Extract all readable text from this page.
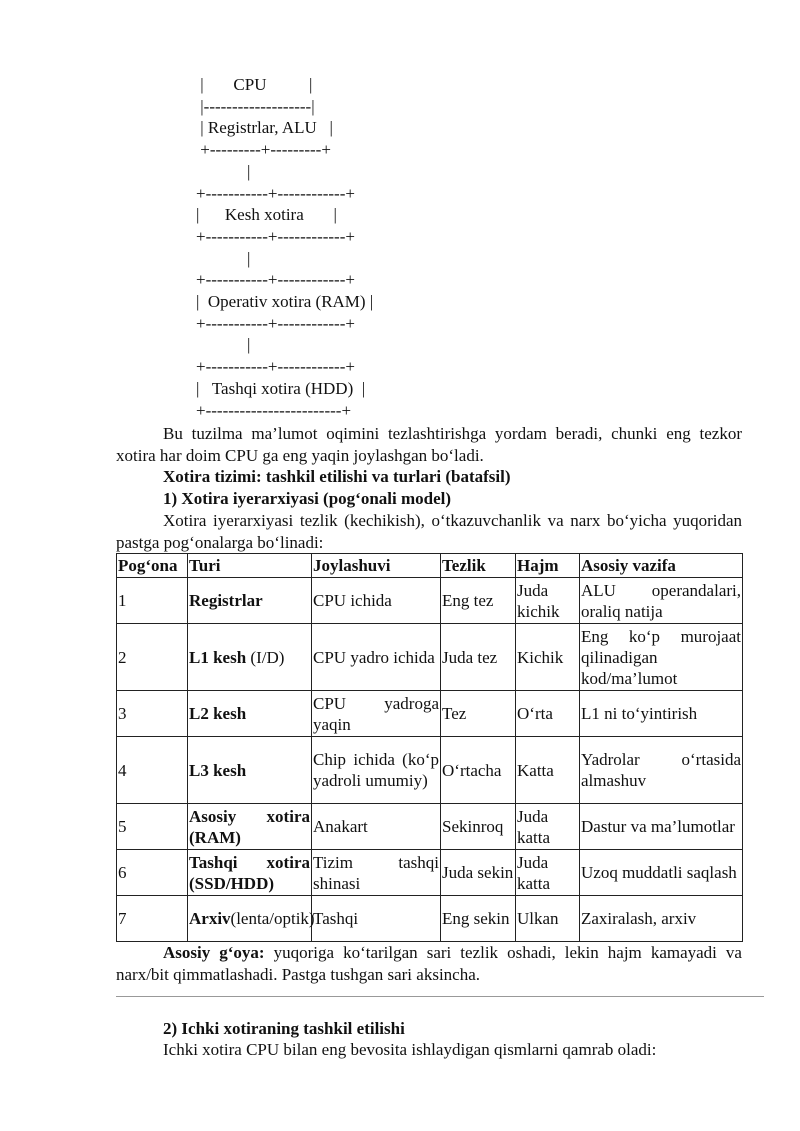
|       CPU          |
|-------------------|
| Registrlar, ALU   |
+---------+---------+
|
+-----------+------------+
|      Kesh xotira       |
+-----------+------------+
|
+-----------+------------+
|  Operativ xotira (RAM) |
+-----------+------------+
|
+-----------+------------+
|   Tashqi xotira (HDD)  |
+------------------------+

Bu tuzilma ma’lumot oqimini tezlashtirishga yordam beradi, chunki eng tezkor xotira har doim CPU ga eng yaqin joylashgan bo‘ladi.

Xotira tizimi: tashkil etilishi va turlari (batafsil)

1) Xotira iyerarxiyasi (pog‘onali model)

Xotira iyerarxiyasi tezlik (kechikish), o‘tkazuvchanlik va narx bo‘yicha yuqoridan pastga pog‘onalarga bo‘linadi:

Pog‘ona	Turi	Joylashuvi	Tezlik	Hajm	Asosiy vazifa
1	Registrlar	CPU ichida	Eng tez	Juda kichik	ALU operandalari, oraliq natija
2	L1 kesh (I/D)	CPU yadro ichida	Juda tez	Kichik	Eng ko‘p murojaat qilinadigan kod/ma’lumot
3	L2 kesh	CPU yadroga yaqin	Tez	O‘rta	L1 ni to‘yintirish
4	L3 kesh	Chip ichida (ko‘p yadroli umumiy)	O‘rtacha	Katta	Yadrolar o‘rtasida almashuv
5	Asosiy xotira (RAM)	Anakart	Sekinroq	Juda katta	Dastur va ma’lumotlar
6	Tashqi xotira (SSD/HDD)	Tizim tashqi shinasi	Juda sekin	Juda katta	Uzoq muddatli saqlash
7	Arxiv(lenta/optik)	Tashqi	Eng sekin	Ulkan	Zaxiralash, arxiv

Asosiy g‘oya: yuqoriga ko‘tarilgan sari tezlik oshadi, lekin hajm kamayadi va narx/bit qimmatlashadi. Pastga tushgan sari aksincha.

2) Ichki xotiraning tashkil etilishi

Ichki xotira CPU bilan eng bevosita ishlaydigan qismlarni qamrab oladi:
